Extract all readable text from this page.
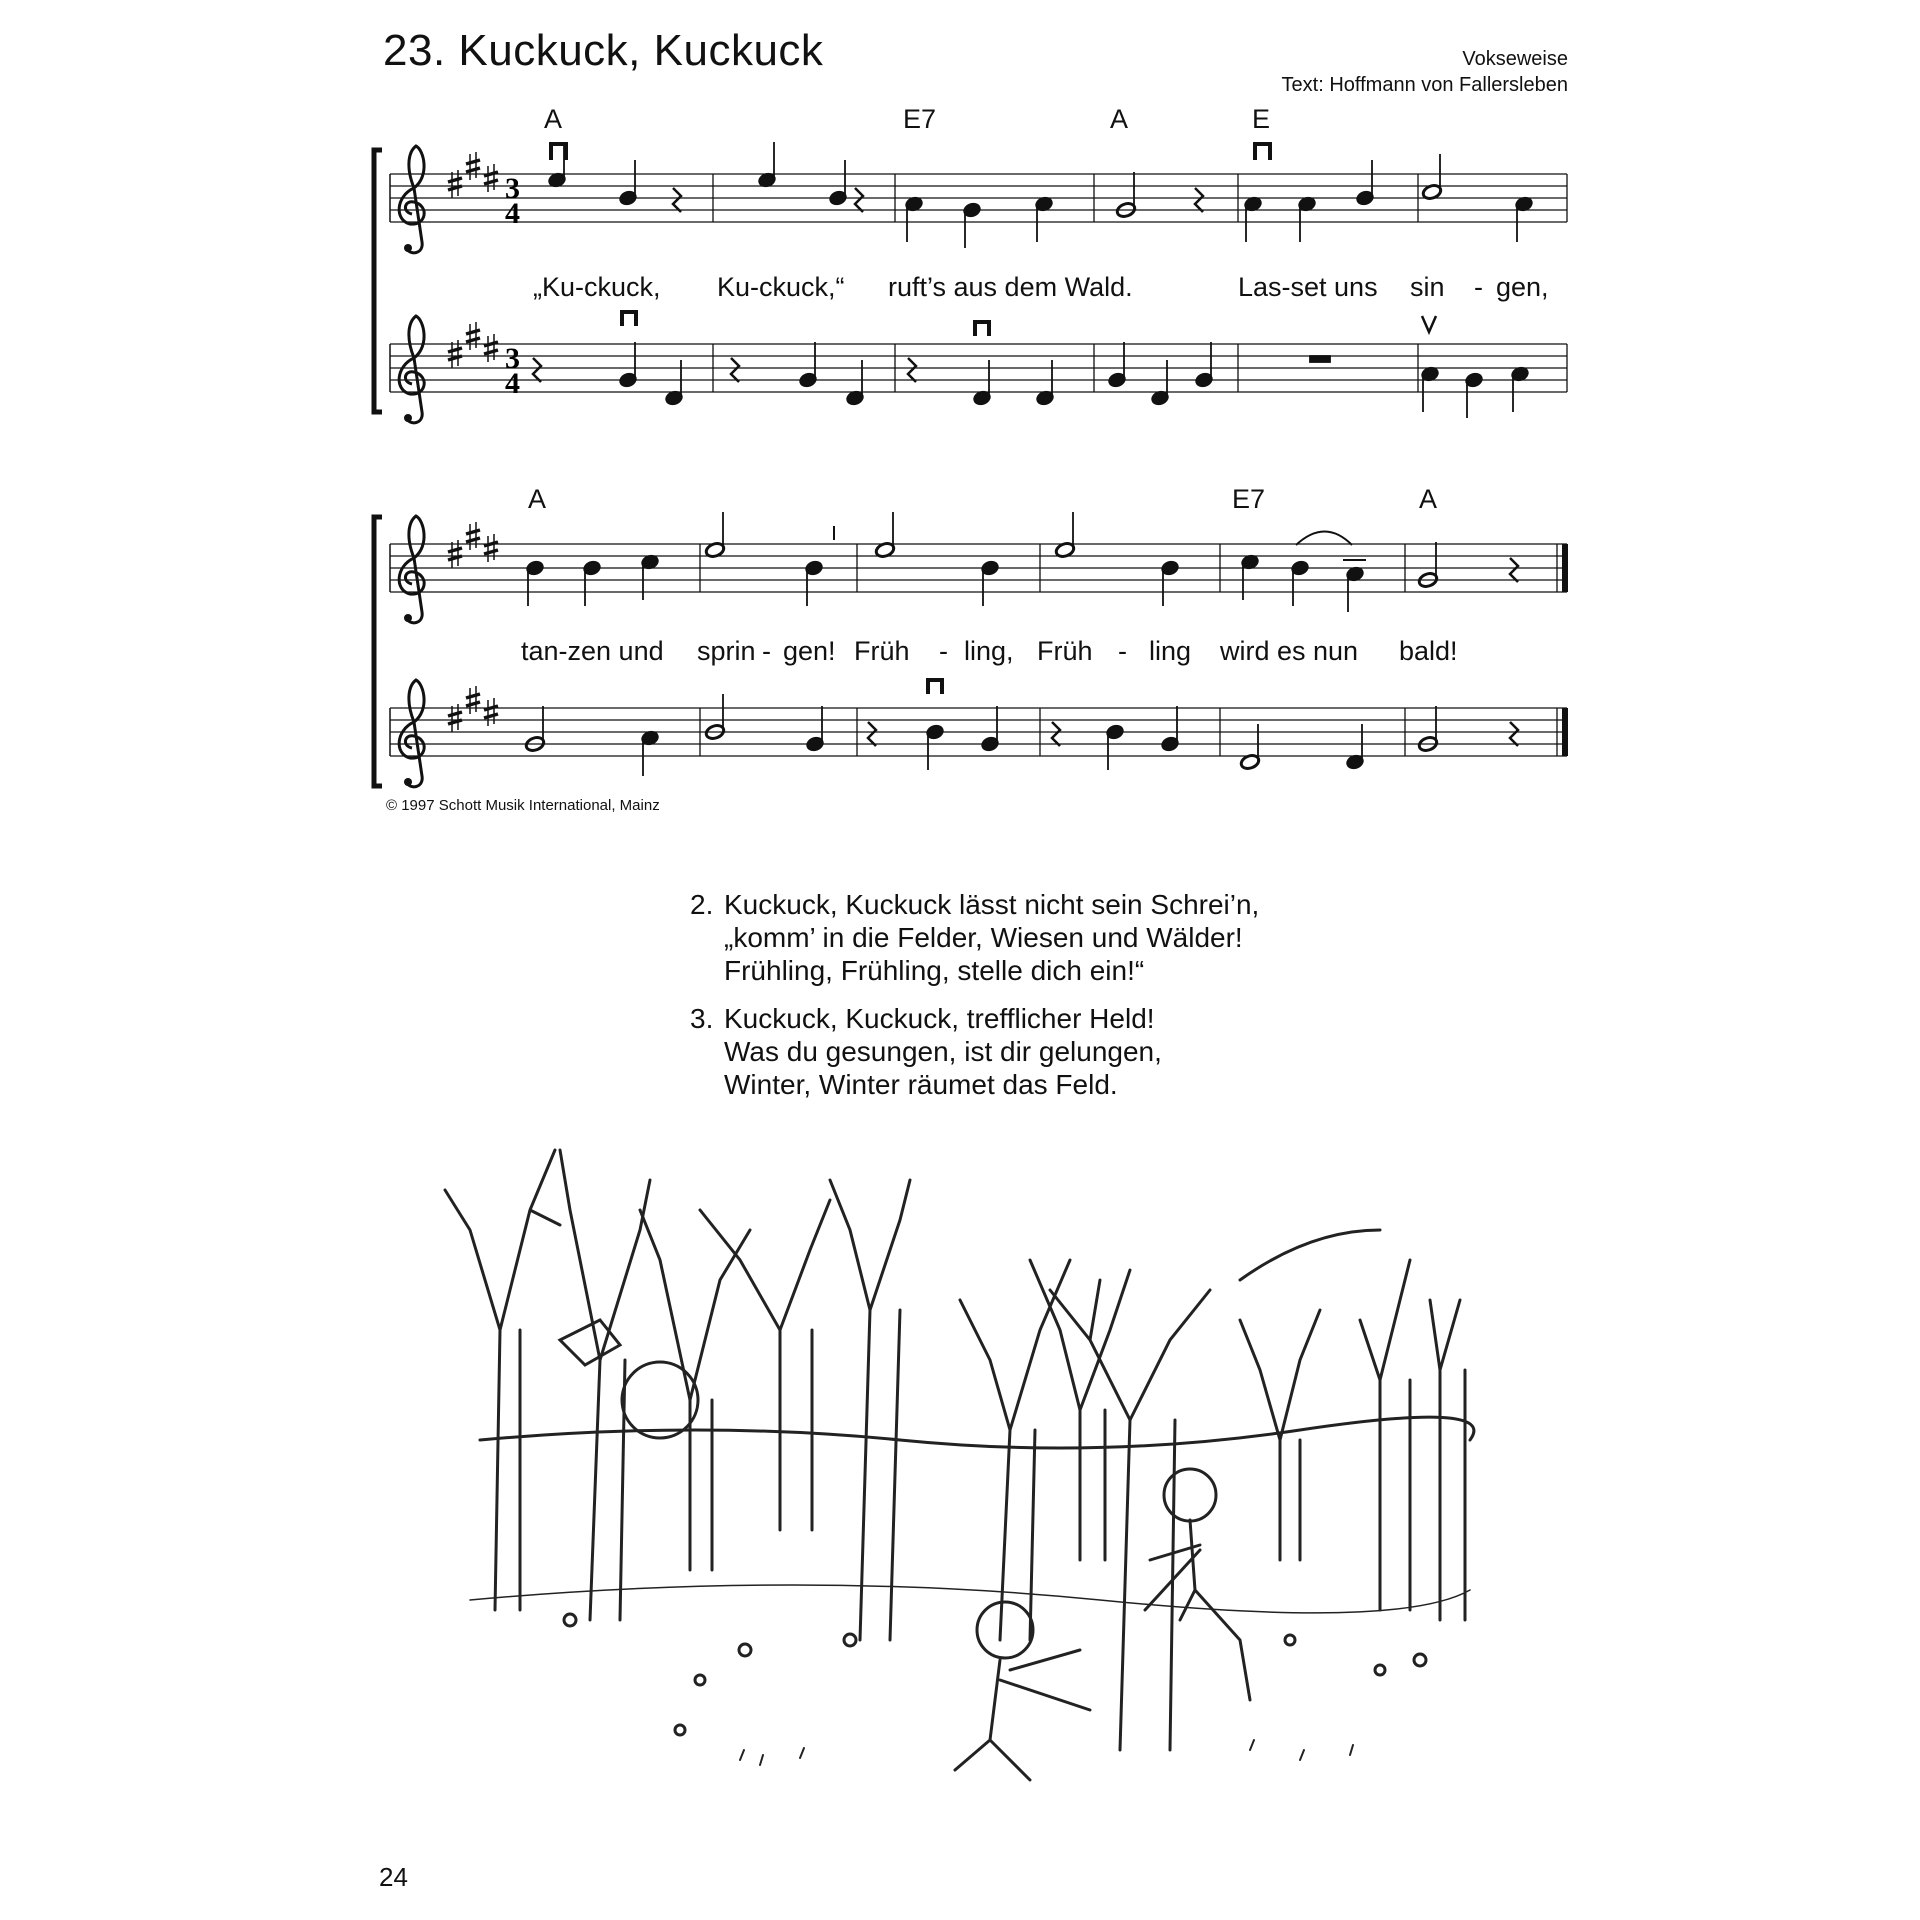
23. Kuckuck, Kuckuck	Vokseweise
Text: Hoffmann von Fallersleben
3
4
3
4
A	E7	A	E
„Ku-ckuck, Ku-ckuck,“ ruft’s aus dem Wald.	Las-set uns sin - gen,
A	E7	A
tan-zen und sprin - gen! Früh - ling, Früh - ling wird es nun bald!
© 1997 Schott Musik International, Mainz
2. Kuckuck, Kuckuck lässt nicht sein Schrei’n,
„komm’ in die Felder, Wiesen und Wälder!
Frühling, Frühling, stelle dich ein!“
3. Kuckuck, Kuckuck, trefflicher Held!
Was du gesungen, ist dir gelungen,
Winter, Winter räumet das Feld.
24
